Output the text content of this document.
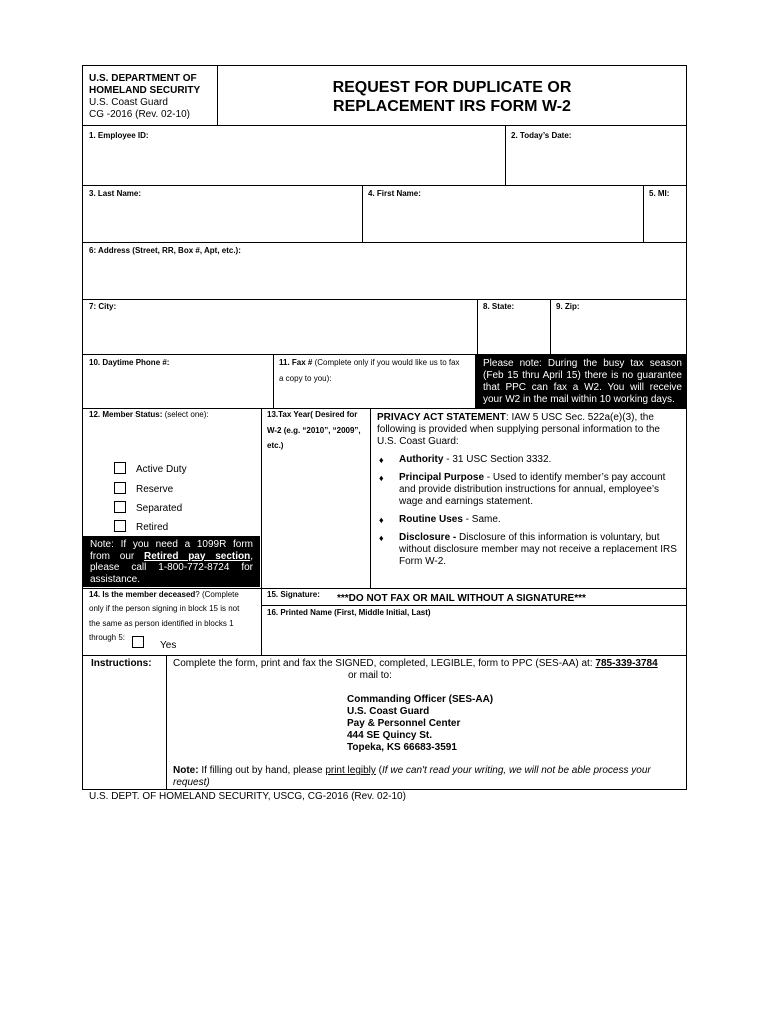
U.S. DEPARTMENT OF
HOMELAND SECURITY
U.S. Coast Guard
CG -2016 (Rev. 02-10)
REQUEST FOR DUPLICATE OR
REPLACEMENT IRS FORM W-2
1. Employee ID:	2. Today’s Date:
3. Last Name:	4. First Name:	5. MI:
6: Address (Street, RR, Box #, Apt, etc.):
7: City:	8. State:	9. Zip:
10. Daytime Phone #:	11. Fax # (Complete only if you would like us to fax
a copy to you):
Please note: During the busy tax season
(Feb 15 thru April 15) there is no guarantee
that PPC can fax a W2. You will receive
your W2 in the mail within 10 working days.
12. Member Status: (select one):
Active Duty
Reserve
Separated
Retired
Note: If you need a 1099R form
from our Retired pay section,
please call 1-800-772-8724 for
assistance.
13.Tax Year( Desired for
W-2 (e.g. “2010”, “2009”,
etc.)
PRIVACY ACT STATEMENT: IAW 5 USC Sec. 522a(e)(3), the
following is provided when supplying personal information to the
U.S. Coast Guard:
♦ Authority - 31 USC Section 3332.
♦ Principal Purpose - Used to identify member’s pay account
and provide distribution instructions for annual, employee’s
wage and earnings statement.
♦ Routine Uses - Same.
♦ Disclosure - Disclosure of this information is voluntary, but
without disclosure member may not receive a replacement IRS
Form W-2.
14. Is the member deceased? (Complete
only if the person signing in block 15 is not
the same as person identified in blocks 1
through 5:
Yes
15. Signature: ***DO NOT FAX OR MAIL WITHOUT A SIGNATURE***
16. Printed Name (First, Middle Initial, Last)
Instructions: Complete the form, print and fax the SIGNED, completed, LEGIBLE, form to PPC (SES-AA) at: 785-339-3784
or mail to:
Commanding Officer (SES-AA)
U.S. Coast Guard
Pay & Personnel Center
444 SE Quincy St.
Topeka, KS 66683-3591
Note: If filling out by hand, please print legibly (If we can't read your writing, we will not be able process your
request)
U.S. DEPT. OF HOMELAND SECURITY, USCG, CG-2016 (Rev. 02-10)
